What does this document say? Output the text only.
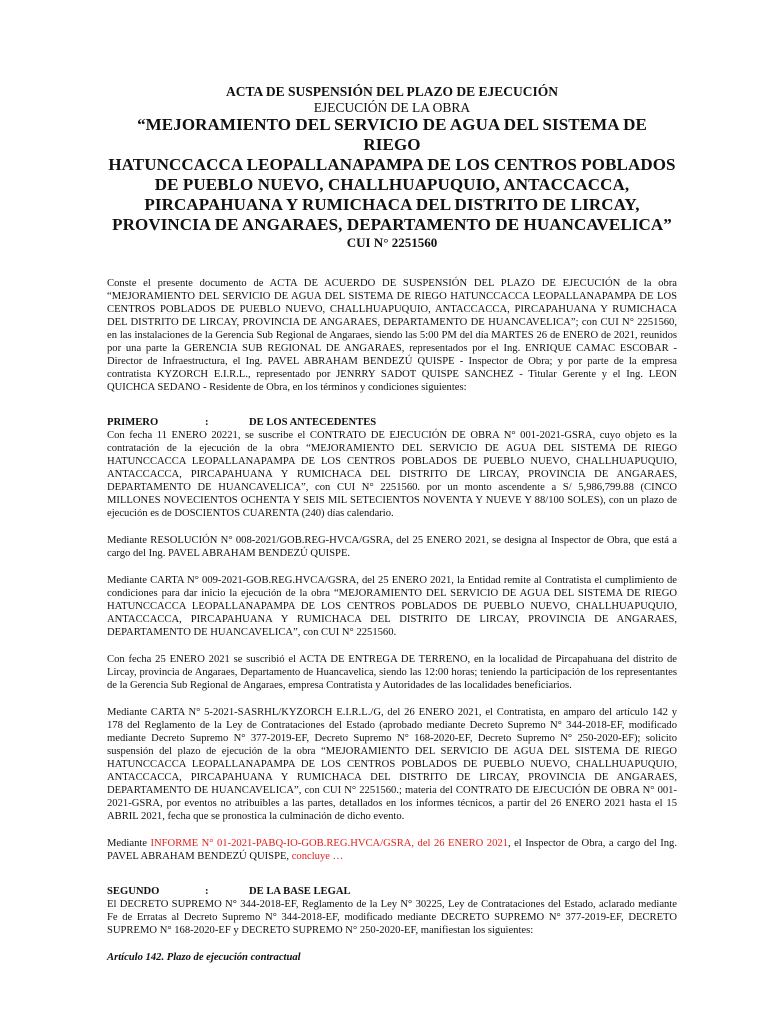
ACTA DE SUSPENSIÓN DEL PLAZO DE EJECUCIÓN

EJECUCIÓN DE LA OBRA

“MEJORAMIENTO DEL SERVICIO DE AGUA DEL SISTEMA DE RIEGO

HATUNCCACCA LEOPALLANAPAMPA DE LOS CENTROS POBLADOS

DE PUEBLO NUEVO, CHALLHUAPUQUIO, ANTACCACCA,

PIRCAPAHUANA Y RUMICHACA DEL DISTRITO DE LIRCAY,

PROVINCIA DE ANGARAES, DEPARTAMENTO DE HUANCAVELICA”

CUI N° 2251560

Conste el presente documento de ACTA DE ACUERDO DE SUSPENSIÓN DEL PLAZO DE EJECUCIÓN de la obra “MEJORAMIENTO DEL SERVICIO DE AGUA DEL SISTEMA DE RIEGO HATUNCCACCA LEOPALLANAPAMPA DE LOS CENTROS POBLADOS DE PUEBLO NUEVO, CHALLHUAPUQUIO, ANTACCACCA, PIRCAPAHUANA Y RUMICHACA DEL DISTRITO DE LIRCAY, PROVINCIA DE ANGARAES, DEPARTAMENTO DE HUANCAVELICA”; con CUI N° 2251560, en las instalaciones de la Gerencia Sub Regional de Angaraes, siendo las 5:00 PM del día MARTES 26 de ENERO de 2021, reunidos por una parte la GERENCIA SUB REGIONAL DE ANGARAES, representados por el Ing. ENRIQUE CAMAC ESCOBAR - Director de Infraestructura, el Ing. PAVEL ABRAHAM BENDEZÚ QUISPE - Inspector de Obra; y por parte de la empresa contratista KYZORCH E.I.R.L., representado por JENRRY SADOT QUISPE SANCHEZ - Titular Gerente y el Ing. LEON QUICHCA SEDANO - Residente de Obra, en los términos y condiciones siguientes:

PRIMERO	:	DE LOS ANTECEDENTES

Con fecha 11 ENERO 20221, se suscribe el CONTRATO DE EJECUCIÓN DE OBRA N° 001-2021-GSRA, cuyo objeto es la contratación de la ejecución de la obra “MEJORAMIENTO DEL SERVICIO DE AGUA DEL SISTEMA DE RIEGO HATUNCCACCA LEOPALLANAPAMPA DE LOS CENTROS POBLADOS DE PUEBLO NUEVO, CHALLHUAPUQUIO, ANTACCACCA, PIRCAPAHUANA Y RUMICHACA DEL DISTRITO DE LIRCAY, PROVINCIA DE ANGARAES, DEPARTAMENTO DE HUANCAVELICA”, con CUI N° 2251560. por un monto ascendente a S/ 5,986,799.88 (CINCO MILLONES NOVECIENTOS OCHENTA Y SEIS MIL SETECIENTOS NOVENTA Y NUEVE Y 88/100 SOLES), con un plazo de ejecución es de DOSCIENTOS CUARENTA (240) días calendario.

Mediante RESOLUCIÓN N° 008-2021/GOB.REG-HVCA/GSRA, del 25 ENERO 2021, se designa al Inspector de Obra, que está a cargo del Ing. PAVEL ABRAHAM BENDEZÚ QUISPE.

Mediante CARTA N° 009-2021-GOB.REG.HVCA/GSRA, del 25 ENERO 2021, la Entidad remite al Contratista el cumplimiento de condiciones para dar inicio la ejecución de la obra “MEJORAMIENTO DEL SERVICIO DE AGUA DEL SISTEMA DE RIEGO HATUNCCACCA LEOPALLANAPAMPA DE LOS CENTROS POBLADOS DE PUEBLO NUEVO, CHALLHUAPUQUIO, ANTACCACCA, PIRCAPAHUANA Y RUMICHACA DEL DISTRITO DE LIRCAY, PROVINCIA DE ANGARAES, DEPARTAMENTO DE HUANCAVELICA”, con CUI N° 2251560.

Con fecha 25 ENERO 2021 se suscribió el ACTA DE ENTREGA DE TERRENO, en la localidad de Pircapahuana del distrito de Lircay, provincia de Angaraes, Departamento de Huancavelica, siendo las 12:00 horas; teniendo la participación de los representantes de la Gerencia Sub Regional de Angaraes, empresa Contratista y Autoridades de las localidades beneficiarios.

Mediante CARTA N° 5-2021-SASRHL/KYZORCH E.I.R.L./G, del 26 ENERO 2021, el Contratista, en amparo del artículo 142 y 178 del Reglamento de la Ley de Contrataciones del Estado (aprobado mediante Decreto Supremo N° 344-2018-EF, modificado mediante Decreto Supremo N° 377-2019-EF, Decreto Supremo N° 168-2020-EF, Decreto Supremo N° 250-2020-EF); solicito suspensión del plazo de ejecución de la obra “MEJORAMIENTO DEL SERVICIO DE AGUA DEL SISTEMA DE RIEGO HATUNCCACCA LEOPALLANAPAMPA DE LOS CENTROS POBLADOS DE PUEBLO NUEVO, CHALLHUAPUQUIO, ANTACCACCA, PIRCAPAHUANA Y RUMICHACA DEL DISTRITO DE LIRCAY, PROVINCIA DE ANGARAES, DEPARTAMENTO DE HUANCAVELICA”, con CUI N° 2251560.; materia del CONTRATO DE EJECUCIÓN DE OBRA N° 001-2021-GSRA, por eventos no atribuibles a las partes, detallados en los informes técnicos, a partir del 26 ENERO 2021 hasta el 15 ABRIL 2021, fecha que se pronostica la culminación de dicho evento.

Mediante INFORME N° 01-2021-PABQ-IO-GOB.REG.HVCA/GSRA, del 26 ENERO 2021, el Inspector de Obra, a cargo del Ing. PAVEL ABRAHAM BENDEZÚ QUISPE, concluye …

SEGUNDO	:	DE LA BASE LEGAL

El DECRETO SUPREMO N° 344-2018-EF, Reglamento de la Ley N° 30225, Ley de Contrataciones del Estado, aclarado mediante Fe de Erratas al Decreto Supremo N° 344-2018-EF, modificado mediante DECRETO SUPREMO N° 377-2019-EF, DECRETO SUPREMO N° 168-2020-EF y DECRETO SUPREMO N° 250-2020-EF, manifiestan los siguientes:

Artículo 142. Plazo de ejecución contractual
